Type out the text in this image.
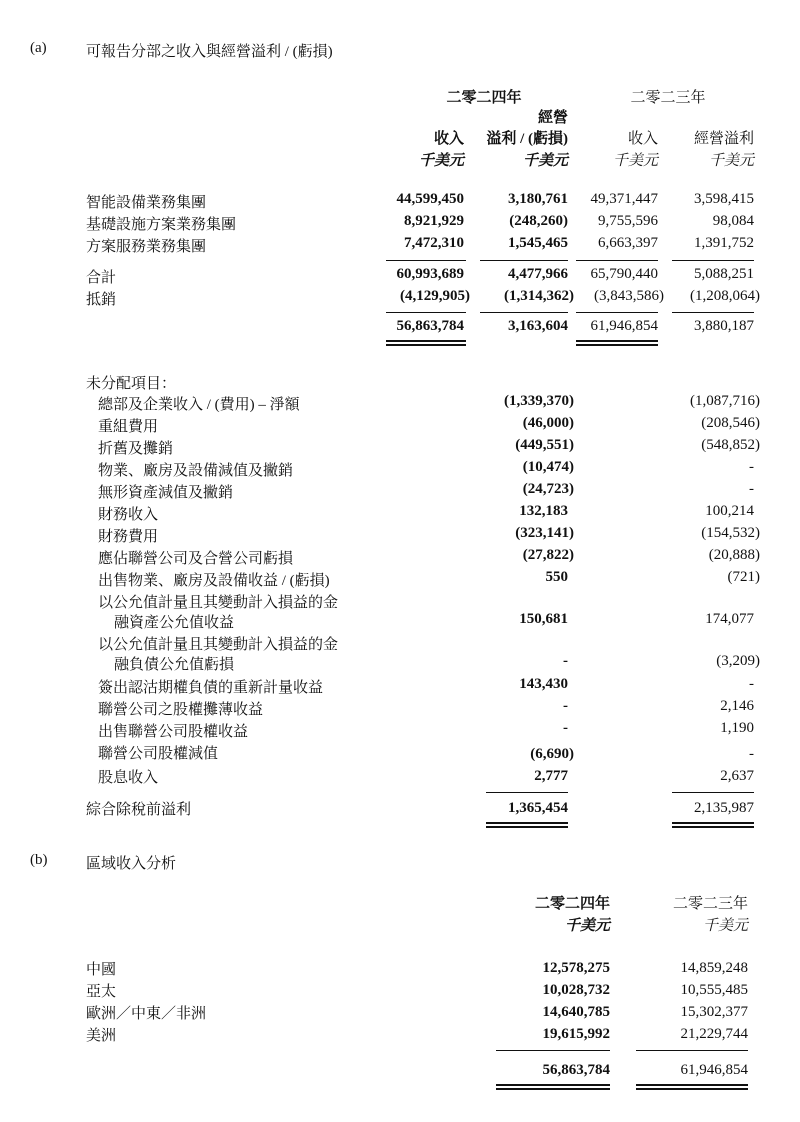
(a)	可報告分部之收入與經營溢利 / (虧損)
二零二四年	二零二三年
經營
收入	溢利 / (虧損)	收入	經營溢利
千美元	千美元	千美元	千美元
智能設備業務集團	44,599,450	3,180,761	49,371,447	3,598,415
基礎設施方案業務集團	8,921,929	(248,260)	9,755,596	98,084
方案服務業務集團	7,472,310	1,545,465	6,663,397	1,391,752
合計	60,993,689	4,477,966	65,790,440	5,088,251
抵銷	(4,129,905)	(1,314,362)	(3,843,586)	(1,208,064)
56,863,784	3,163,604	61,946,854	3,880,187
未分配項目：
總部及企業收入 / (費用) – 淨額	(1,339,370)	(1,087,716)
重組費用	(46,000)	(208,546)
折舊及攤銷	(449,551)	(548,852)
物業、廠房及設備減值及撇銷	(10,474)	-
無形資產減值及撇銷	(24,723)	-
財務收入	132,183	100,214
財務費用	(323,141)	(154,532)
應佔聯營公司及合營公司虧損	(27,822)	(20,888)
出售物業、廠房及設備收益 / (虧損)	550	(721)
以公允值計量且其變動計入損益的金
融資產公允值收益	150,681	174,077
以公允值計量且其變動計入損益的金
融負債公允值虧損	-	(3,209)
簽出認沽期權負債的重新計量收益	143,430	-
聯營公司之股權攤薄收益	-	2,146
出售聯營公司股權收益	-	1,190
聯營公司股權減值	(6,690)	-
股息收入	2,777	2,637
綜合除稅前溢利	1,365,454	2,135,987
(b)	區域收入分析
二零二四年	二零二三年
千美元	千美元
中國	12,578,275	14,859,248
亞太	10,028,732	10,555,485
歐洲／中東／非洲	14,640,785	15,302,377
美洲	19,615,992	21,229,744
56,863,784	61,946,854
